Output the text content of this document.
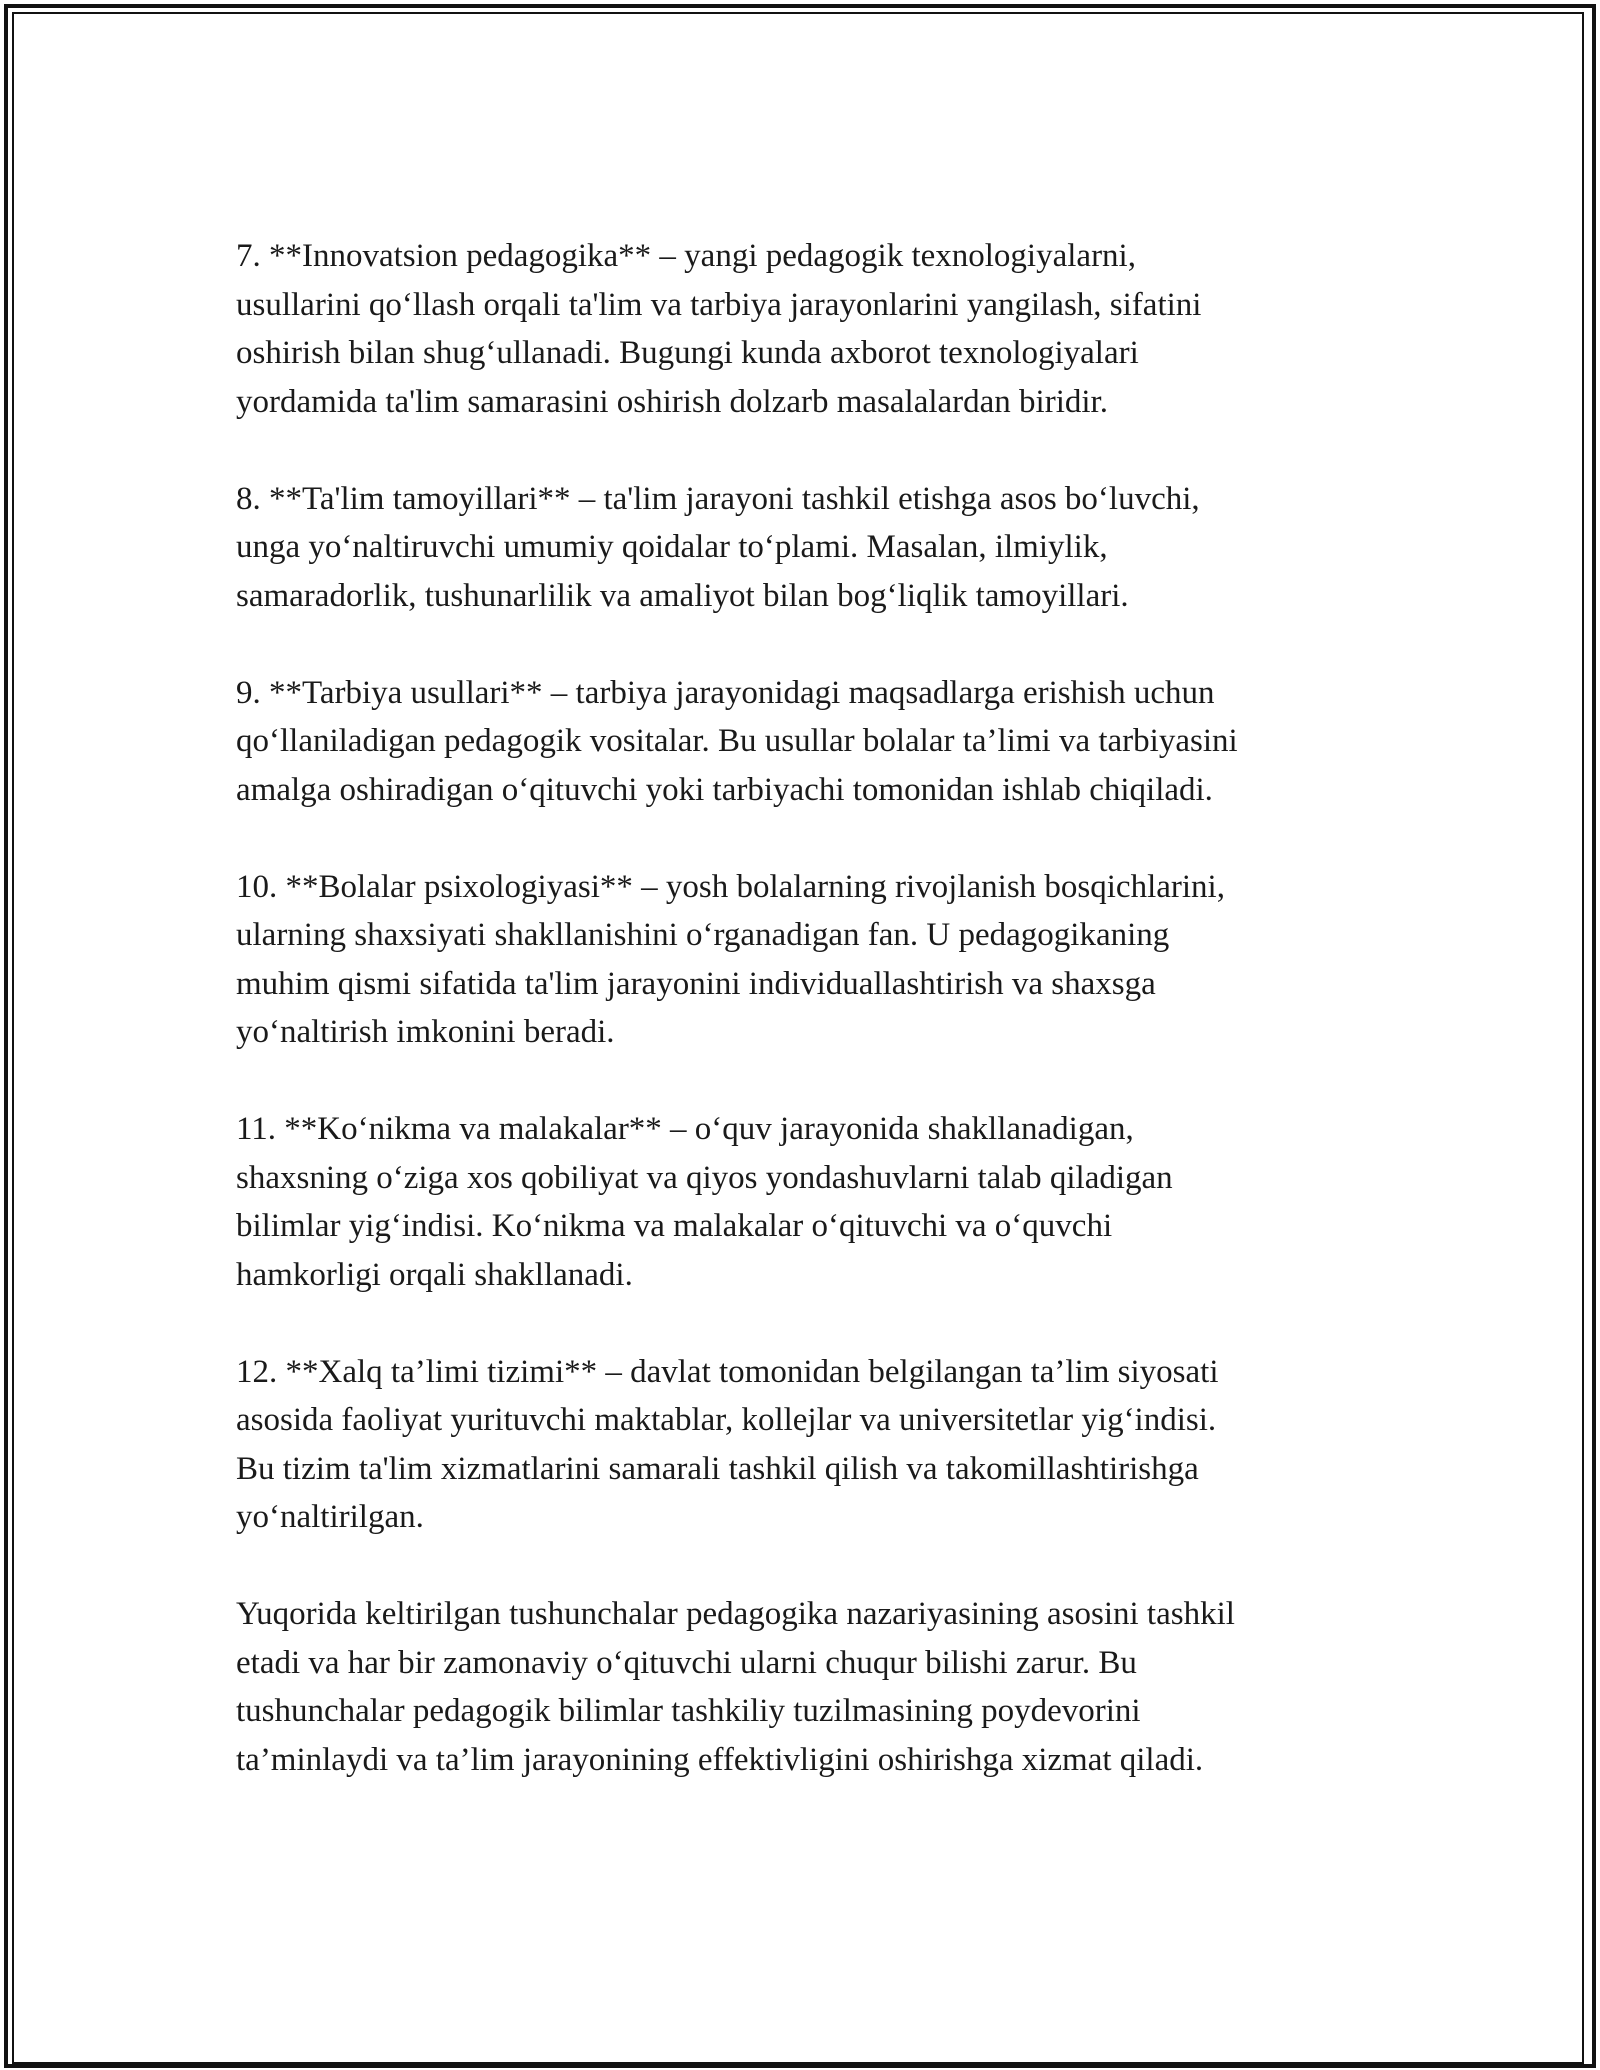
7. **Innovatsion pedagogika** – yangi pedagogik texnologiyalarni,
usullarini qo‘llash orqali ta'lim va tarbiya jarayonlarini yangilash, sifatini
oshirish bilan shug‘ullanadi. Bugungi kunda axborot texnologiyalari
yordamida ta'lim samarasini oshirish dolzarb masalalardan biridir.

8. **Ta'lim tamoyillari** – ta'lim jarayoni tashkil etishga asos bo‘luvchi,
unga yo‘naltiruvchi umumiy qoidalar to‘plami. Masalan, ilmiylik,
samaradorlik, tushunarlilik va amaliyot bilan bog‘liqlik tamoyillari.

9. **Tarbiya usullari** – tarbiya jarayonidagi maqsadlarga erishish uchun
qo‘llaniladigan pedagogik vositalar. Bu usullar bolalar ta’limi va tarbiyasini
amalga oshiradigan o‘qituvchi yoki tarbiyachi tomonidan ishlab chiqiladi.

10. **Bolalar psixologiyasi** – yosh bolalarning rivojlanish bosqichlarini,
ularning shaxsiyati shakllanishini o‘rganadigan fan. U pedagogikaning
muhim qismi sifatida ta'lim jarayonini individuallashtirish va shaxsga
yo‘naltirish imkonini beradi.

11. **Ko‘nikma va malakalar** – o‘quv jarayonida shakllanadigan,
shaxsning o‘ziga xos qobiliyat va qiyos yondashuvlarni talab qiladigan
bilimlar yig‘indisi. Ko‘nikma va malakalar o‘qituvchi va o‘quvchi
hamkorligi orqali shakllanadi.

12. **Xalq ta’limi tizimi** – davlat tomonidan belgilangan ta’lim siyosati
asosida faoliyat yurituvchi maktablar, kollejlar va universitetlar yig‘indisi.
Bu tizim ta'lim xizmatlarini samarali tashkil qilish va takomillashtirishga
yo‘naltirilgan.

Yuqorida keltirilgan tushunchalar pedagogika nazariyasining asosini tashkil
etadi va har bir zamonaviy o‘qituvchi ularni chuqur bilishi zarur. Bu
tushunchalar pedagogik bilimlar tashkiliy tuzilmasining poydevorini
ta’minlaydi va ta’lim jarayonining effektivligini oshirishga xizmat qiladi.
